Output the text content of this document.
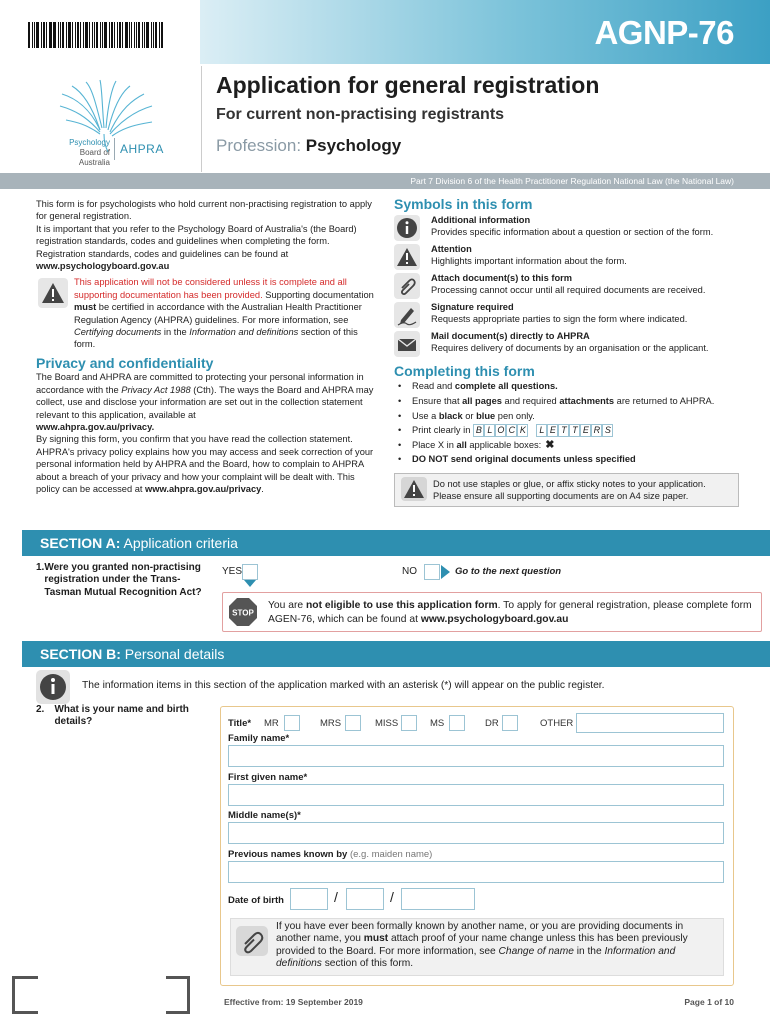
AGNP-76
Psychology
Board of Australia
AHPRA
Application for general registration
For current non-practising registrants
Profession: Psychology
Part 7 Division 6 of the Health Practitioner Regulation National Law (the National Law)

This form is for psychologists who hold current non-practising registration to apply for general registration.

It is important that you refer to the Psychology Board of Australia's (the Board) registration standards, codes and guidelines when completing the form. Registration standards, codes and guidelines can be found at
www.psychologyboard.gov.au

This application will not be considered unless it is complete and all supporting documentation has been provided. Supporting documentation must be certified in accordance with the Australian Health Practitioner Regulation Agency (AHPRA) guidelines. For more information, see Certifying documents in the Information and definitions section of this form.
Privacy and confidentiality

The Board and AHPRA are committed to protecting your personal information in accordance with the Privacy Act 1988 (Cth). The ways the Board and AHPRA may collect, use and disclose your information are set out in the collection statement relevant to this application, available at
www.ahpra.gov.au/privacy.

By signing this form, you confirm that you have read the collection statement. AHPRA's privacy policy explains how you may access and seek correction of your personal information held by AHPRA and the Board, how to complain to AHPRA about a breach of your privacy and how your complaint will be dealt with. This policy can be accessed at www.ahpra.gov.au/privacy.

Symbols in this form
Additional information
Provides specific information about a question or section of the form.
Attention
Highlights important information about the form.
Attach document(s) to this form
Processing cannot occur until all required documents are received.
Signature required
Requests appropriate parties to sign the form where indicated.
Mail document(s) directly to AHPRA
Requires delivery of documents by an organisation or the applicant.
Completing this form
• Read and complete all questions.
• Ensure that all pages and required attachments are returned to AHPRA.
• Use a black or blue pen only.
• Print clearly in B L O C K	L E T T E R S
• Place X in all applicable boxes: ✖
• DO NOT send original documents unless specified
Do not use staples or glue, or affix sticky notes to your application. Please ensure all supporting documents are on A4 size paper.
SECTION A: Application criteria
1. Were you granted non-practising registration under the Trans-Tasman Mutual Recognition Act?
YES	NO	Go to the next question
STOP
You are not eligible to use this application form. To apply for general registration, please complete form AGEN-76, which can be found at www.psychologyboard.gov.au
SECTION B: Personal details
The information items in this section of the application marked with an asterisk (*) will appear on the public register.
2.	What is your name and birth details?	Title* MR	MRS	MISS	MS	DR	OTHER
Family name*
First given name*
Middle name(s)*
Previous names known by (e.g. maiden name)
Date of birth	/	/
If you have ever been formally known by another name, or you are providing documents in another name, you must attach proof of your name change unless this has been previously provided to the Board. For more information, see Change of name in the Information and definitions section of this form.
Effective from: 19 September 2019	Page 1 of 10
